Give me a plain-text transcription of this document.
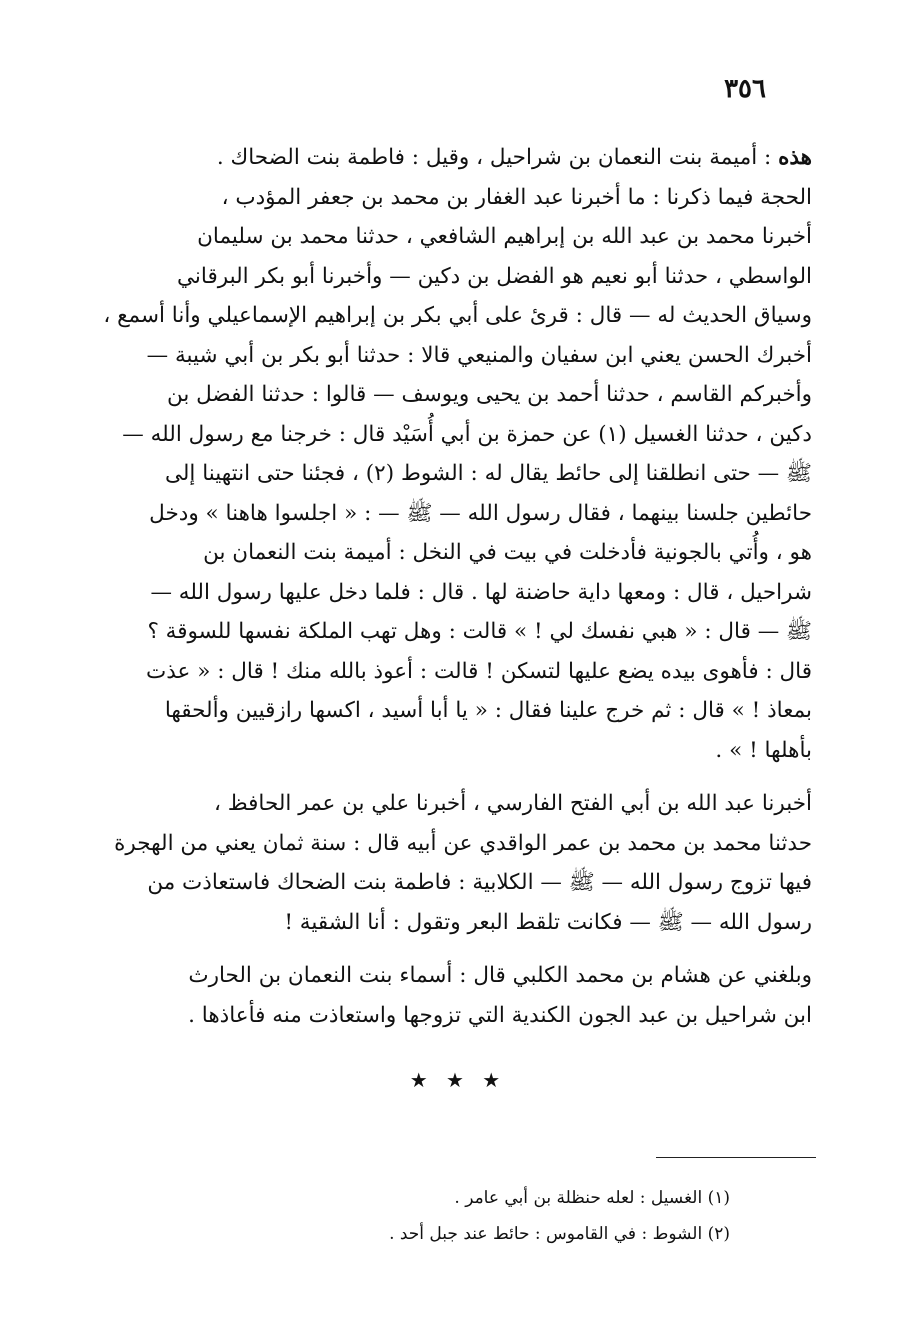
٣٥٦

هذه : أميمة بنت النعمان بن شراحيل ، وقيل : فاطمة بنت الضحاك .
الحجة فيما ذكرنا : ما أخبرنا عبد الغفار بن محمد بن جعفر المؤدب ،
أخبرنا محمد بن عبد الله بن إبراهيم الشافعي ، حدثنا محمد بن سليمان
الواسطي ، حدثنا أبو نعيم هو الفضل بن دكين — وأخبرنا أبو بكر البرقاني
وسياق الحديث له — قال : قرئ على أبي بكر بن إبراهيم الإسماعيلي وأنا أسمع ،
أخبرك الحسن يعني ابن سفيان والمنيعي قالا : حدثنا أبو بكر بن أبي شيبة —
وأخبركم القاسم ، حدثنا أحمد بن يحيى ويوسف — قالوا : حدثنا الفضل بن
دكين ، حدثنا الغسيل (١) عن حمزة بن أبي أُسَيْد قال : خرجنا مع رسول الله —
ﷺ — حتى انطلقنا إلى حائط يقال له : الشوط (٢) ، فجئنا حتى انتهينا إلى
حائطين جلسنا بينهما ، فقال رسول الله — ﷺ — : « اجلسوا هاهنا » ودخل
هو ، وأُتي بالجونية فأدخلت في بيت في النخل : أميمة بنت النعمان بن
شراحيل ، قال : ومعها داية حاضنة لها . قال : فلما دخل عليها رسول الله —
ﷺ — قال : « هبي نفسك لي ! » قالت : وهل تهب الملكة نفسها للسوقة ؟
قال : فأهوى بيده يضع عليها لتسكن ! قالت : أعوذ بالله منك ! قال : « عذت
بمعاذ ! » قال : ثم خرج علينا فقال : « يا أبا أسيد ، اكسها رازقيين وألحقها
بأهلها ! » .

أخبرنا عبد الله بن أبي الفتح الفارسي ، أخبرنا علي بن عمر الحافظ ،
حدثنا محمد بن محمد بن عمر الواقدي عن أبيه قال : سنة ثمان يعني من الهجرة
فيها تزوج رسول الله — ﷺ — الكلابية : فاطمة بنت الضحاك فاستعاذت من
رسول الله — ﷺ — فكانت تلقط البعر وتقول : أنا الشقية !

وبلغني عن هشام بن محمد الكلبي قال : أسماء بنت النعمان بن الحارث
ابن شراحيل بن عبد الجون الكندية التي تزوجها واستعاذت منه فأعاذها .

★ ★ ★
(١) الغسيل : لعله حنظلة بن أبي عامر .
(٢) الشوط : في القاموس : حائط عند جبل أحد .
